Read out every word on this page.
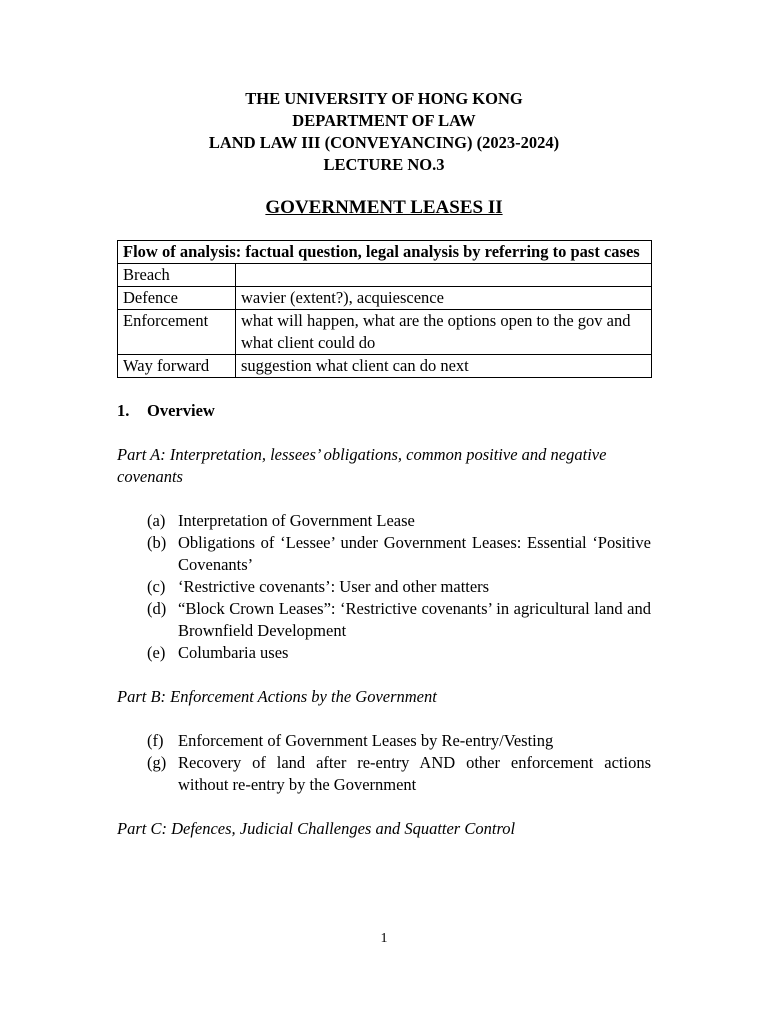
THE UNIVERSITY OF HONG KONG
DEPARTMENT OF LAW
LAND LAW III (CONVEYANCING) (2023-2024)
LECTURE NO.3
GOVERNMENT LEASES II
Flow of analysis: factual question, legal analysis by referring to past cases	
Breach	
Defence	wavier (extent?), acquiescence
Enforcement	what will happen, what are the options open to the gov and what client could do
Way forward	suggestion what client can do next
1. Overview
Part A: Interpretation, lessees’ obligations, common positive and negative covenants
(a) Interpretation of Government Lease
(b) Obligations of ‘Lessee’ under Government Leases: Essential ‘Positive Covenants’
(c) ‘Restrictive covenants’: User and other matters
(d) “Block Crown Leases”: ‘Restrictive covenants’ in agricultural land and Brownfield Development
(e) Columbaria uses
Part B: Enforcement Actions by the Government
(f) Enforcement of Government Leases by Re-entry/Vesting
(g) Recovery of land after re-entry AND other enforcement actions without re-entry by the Government
Part C: Defences, Judicial Challenges and Squatter Control
1
